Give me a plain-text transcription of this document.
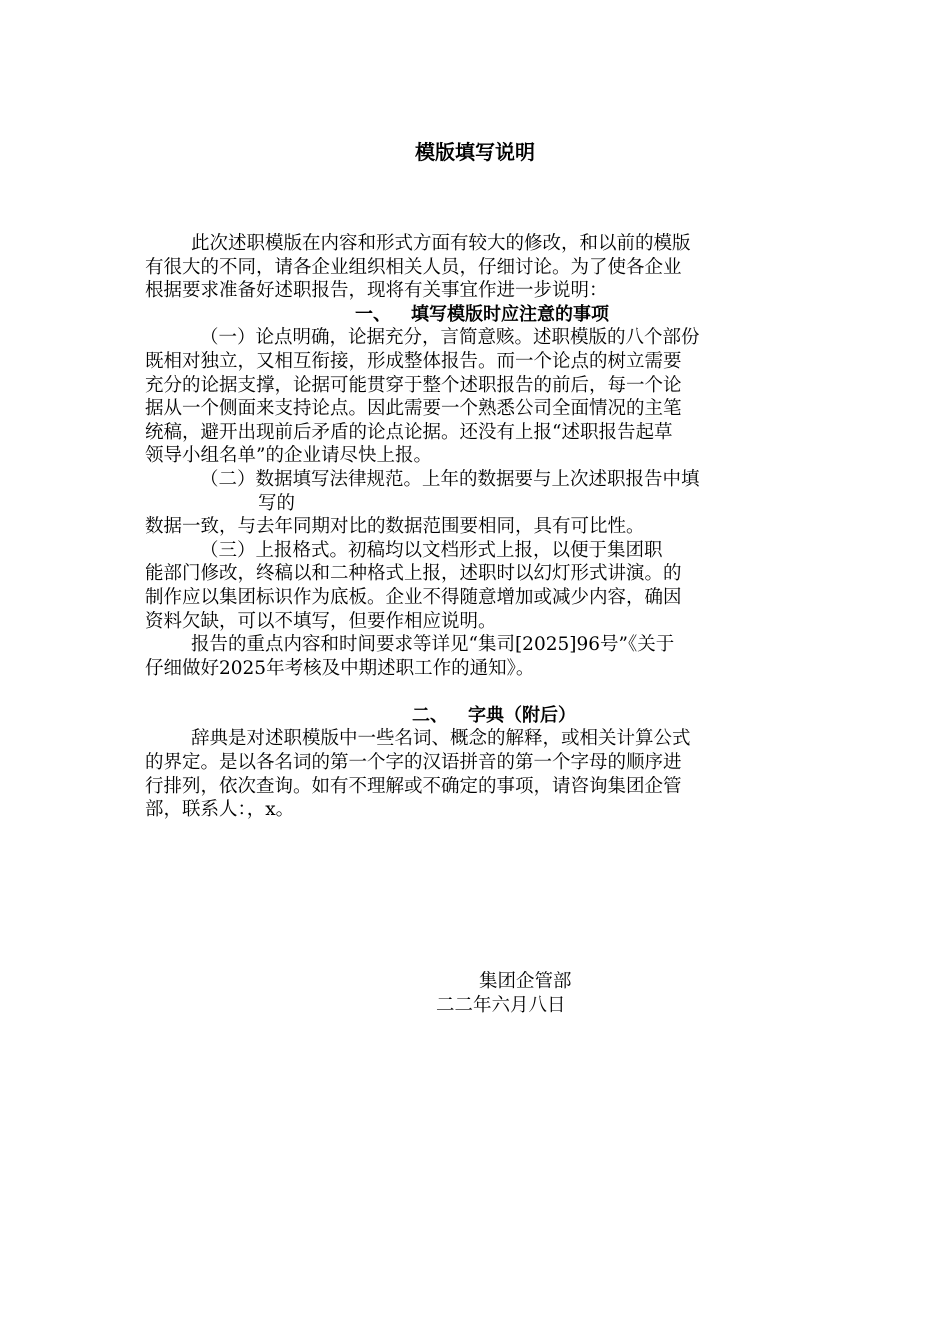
模版填写说明
此次述职模版在内容和形式方面有较大的修改，和以前的模版
有很大的不同，请各企业组织相关人员，仔细讨论。为了使各企业
根据要求准备好述职报告，现将有关事宜作进一步说明：
一、 填写模版时应注意的事项
（一）论点明确，论据充分，言简意赅。述职模版的八个部份
既相对独立，又相互衔接，形成整体报告。而一个论点的树立需要
充分的论据支撑，论据可能贯穿于整个述职报告的前后，每一个论
据从一个侧面来支持论点。因此需要一个熟悉公司全面情况的主笔
统稿，避开出现前后矛盾的论点论据。还没有上报“述职报告起草
领导小组名单”的企业请尽快上报。
（二）数据填写法律规范。上年的数据要与上次述职报告中填
写的
数据一致，与去年同期对比的数据范围要相同，具有可比性。
（三）上报格式。初稿均以文档形式上报，以便于集团职
能部门修改，终稿以和二种格式上报，述职时以幻灯形式讲演。的
制作应以集团标识作为底板。企业不得随意增加或减少内容，确因
资料欠缺，可以不填写，但要作相应说明。
报告的重点内容和时间要求等详见“集司[2025]96号”《关于
仔细做好2025年考核及中期述职工作的通知》。
二、 字典（附后）
辞典是对述职模版中一些名词、概念的解释，或相关计算公式
的界定。是以各名词的第一个字的汉语拼音的第一个字母的顺序进
行排列，依次查询。如有不理解或不确定的事项，请咨询集团企管
部，联系人：，x。
集团企管部
二二年六月八日
